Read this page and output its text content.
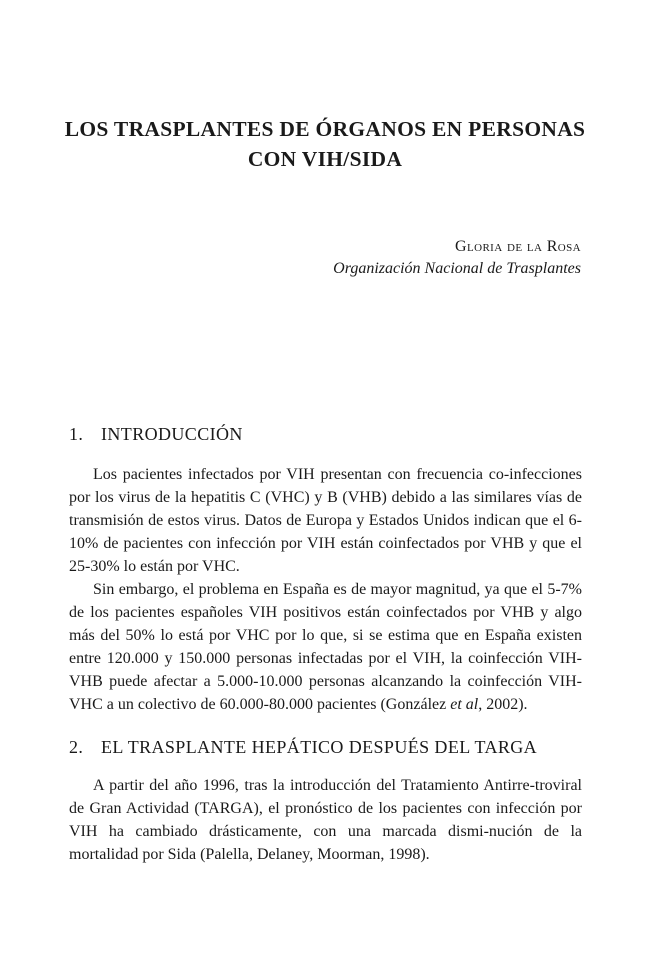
LOS TRASPLANTES DE ÓRGANOS EN PERSONAS
CON VIH/SIDA
Gloria de la Rosa
Organización Nacional de Trasplantes
1. INTRODUCCIÓN

Los pacientes infectados por VIH presentan con frecuencia co-infecciones por los virus de la hepatitis C (VHC) y B (VHB) debido a las similares vías de transmisión de estos virus. Datos de Europa y Estados Unidos indican que el 6-10% de pacientes con infección por VIH están coinfectados por VHB y que el 25-30% lo están por VHC.

Sin embargo, el problema en España es de mayor magnitud, ya que el 5-7% de los pacientes españoles VIH positivos están coinfectados por VHB y algo más del 50% lo está por VHC por lo que, si se estima que en España existen entre 120.000 y 150.000 personas infectadas por el VIH, la coinfección VIH-VHB puede afectar a 5.000-10.000 personas alcanzando la coinfección VIH-VHC a un colectivo de 60.000-80.000 pacientes (González et al, 2002).

2. EL TRASPLANTE HEPÁTICO DESPUÉS DEL TARGA

A partir del año 1996, tras la introducción del Tratamiento Antirre-troviral de Gran Actividad (TARGA), el pronóstico de los pacientes con infección por VIH ha cambiado drásticamente, con una marcada dismi-nución de la mortalidad por Sida (Palella, Delaney, Moorman, 1998).
